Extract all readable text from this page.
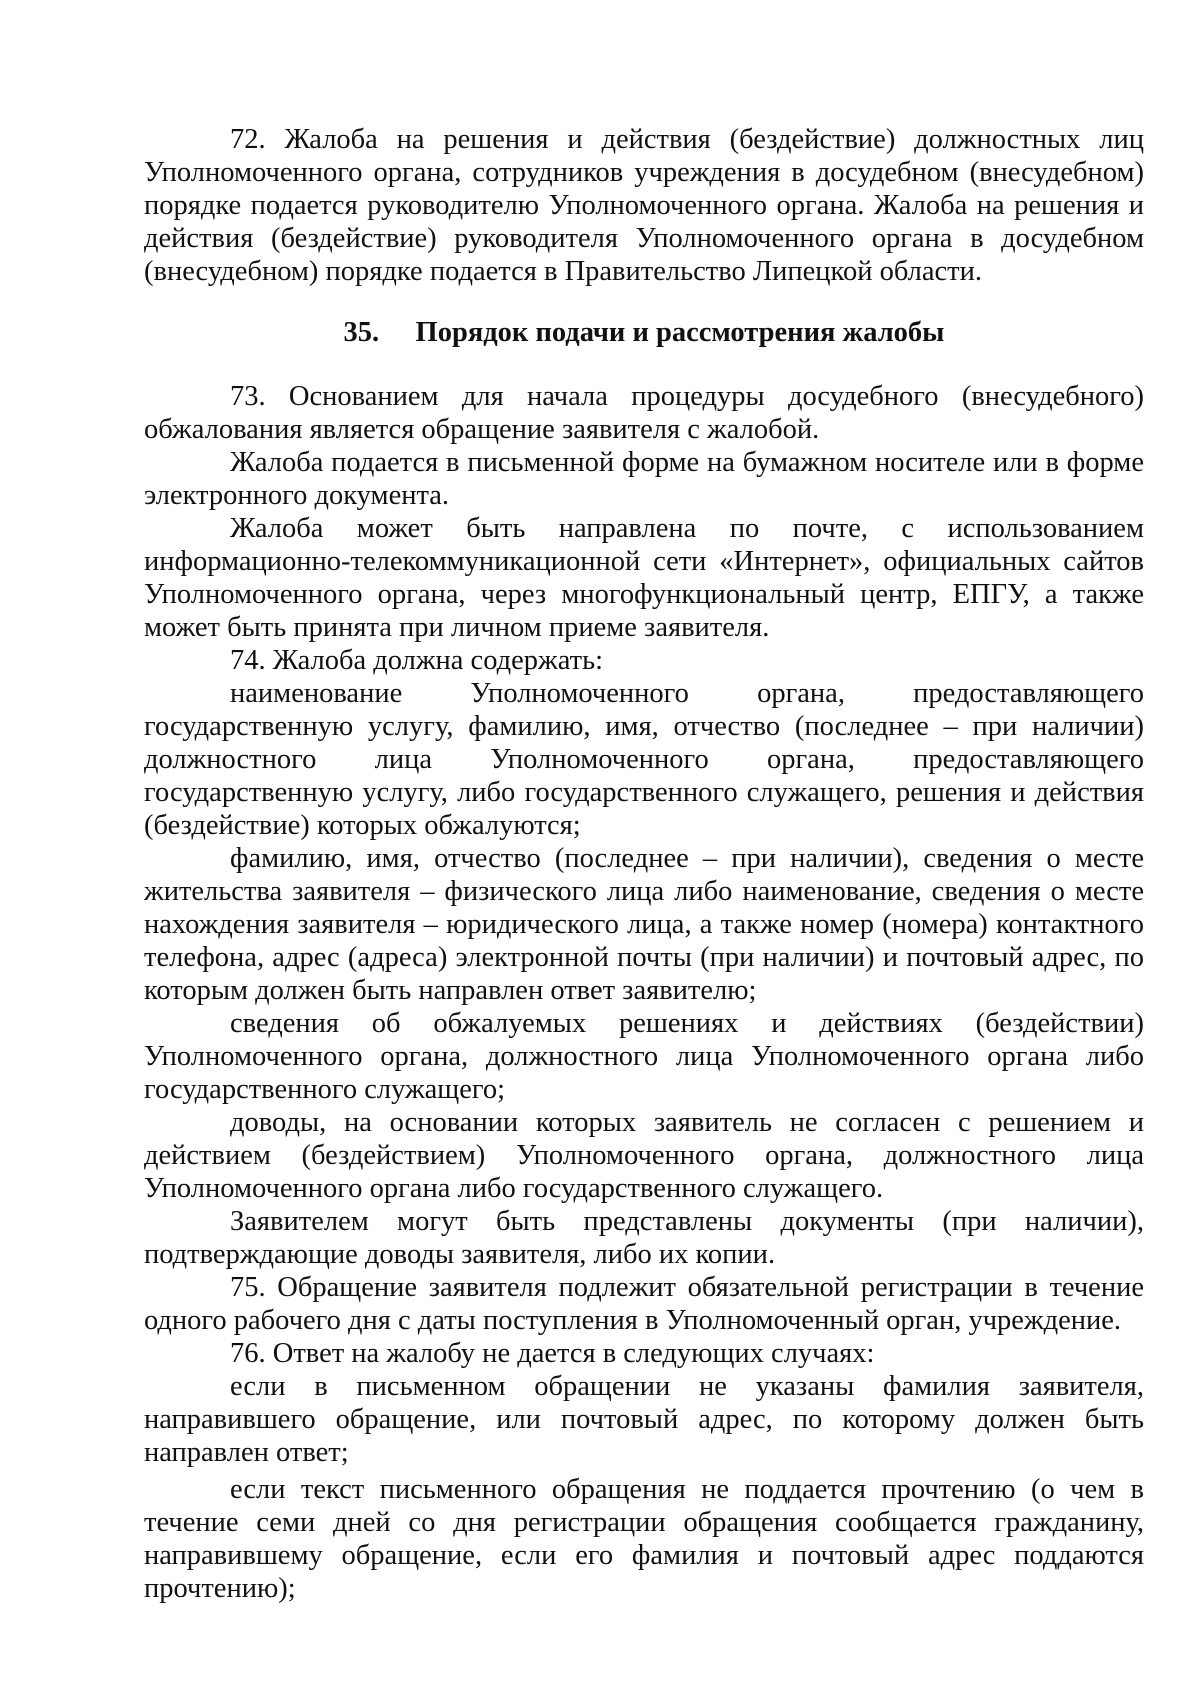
72. Жалоба на решения и действия (бездействие) должностных лиц Уполномоченного органа, сотрудников учреждения в досудебном (внесудебном) порядке подается руководителю Уполномоченного органа. Жалоба на решения и действия (бездействие) руководителя Уполномоченного органа в досудебном (внесудебном) порядке подается в Правительство Липецкой области.

35. Порядок подачи и рассмотрения жалобы

73. Основанием для начала процедуры досудебного (внесудебного) обжалования является обращение заявителя с жалобой.

Жалоба подается в письменной форме на бумажном носителе или в форме электронного документа.

Жалоба может быть направлена по почте, с использованием информационно-телекоммуникационной сети «Интернет», официальных сайтов Уполномоченного органа, через многофункциональный центр, ЕПГУ, а также может быть принята при личном приеме заявителя.

74. Жалоба должна содержать:

наименование Уполномоченного органа, предоставляющего государственную услугу, фамилию, имя, отчество (последнее – при наличии) должностного лица Уполномоченного органа, предоставляющего государственную услугу, либо государственного служащего, решения и действия (бездействие) которых обжалуются;

фамилию, имя, отчество (последнее – при наличии), сведения о месте жительства заявителя – физического лица либо наименование, сведения о месте нахождения заявителя – юридического лица, а также номер (номера) контактного телефона, адрес (адреса) электронной почты (при наличии) и почтовый адрес, по которым должен быть направлен ответ заявителю;

сведения об обжалуемых решениях и действиях (бездействии) Уполномоченного органа, должностного лица Уполномоченного органа либо государственного служащего;

доводы, на основании которых заявитель не согласен с решением и действием (бездействием) Уполномоченного органа, должностного лица Уполномоченного органа либо государственного служащего.

Заявителем могут быть представлены документы (при наличии), подтверждающие доводы заявителя, либо их копии.

75. Обращение заявителя подлежит обязательной регистрации в течение одного рабочего дня с даты поступления в Уполномоченный орган, учреждение.

76. Ответ на жалобу не дается в следующих случаях:

если в письменном обращении не указаны фамилия заявителя, направившего обращение, или почтовый адрес, по которому должен быть направлен ответ;

если текст письменного обращения не поддается прочтению (о чем в течение семи дней со дня регистрации обращения сообщается гражданину, направившему обращение, если его фамилия и почтовый адрес поддаются прочтению);
